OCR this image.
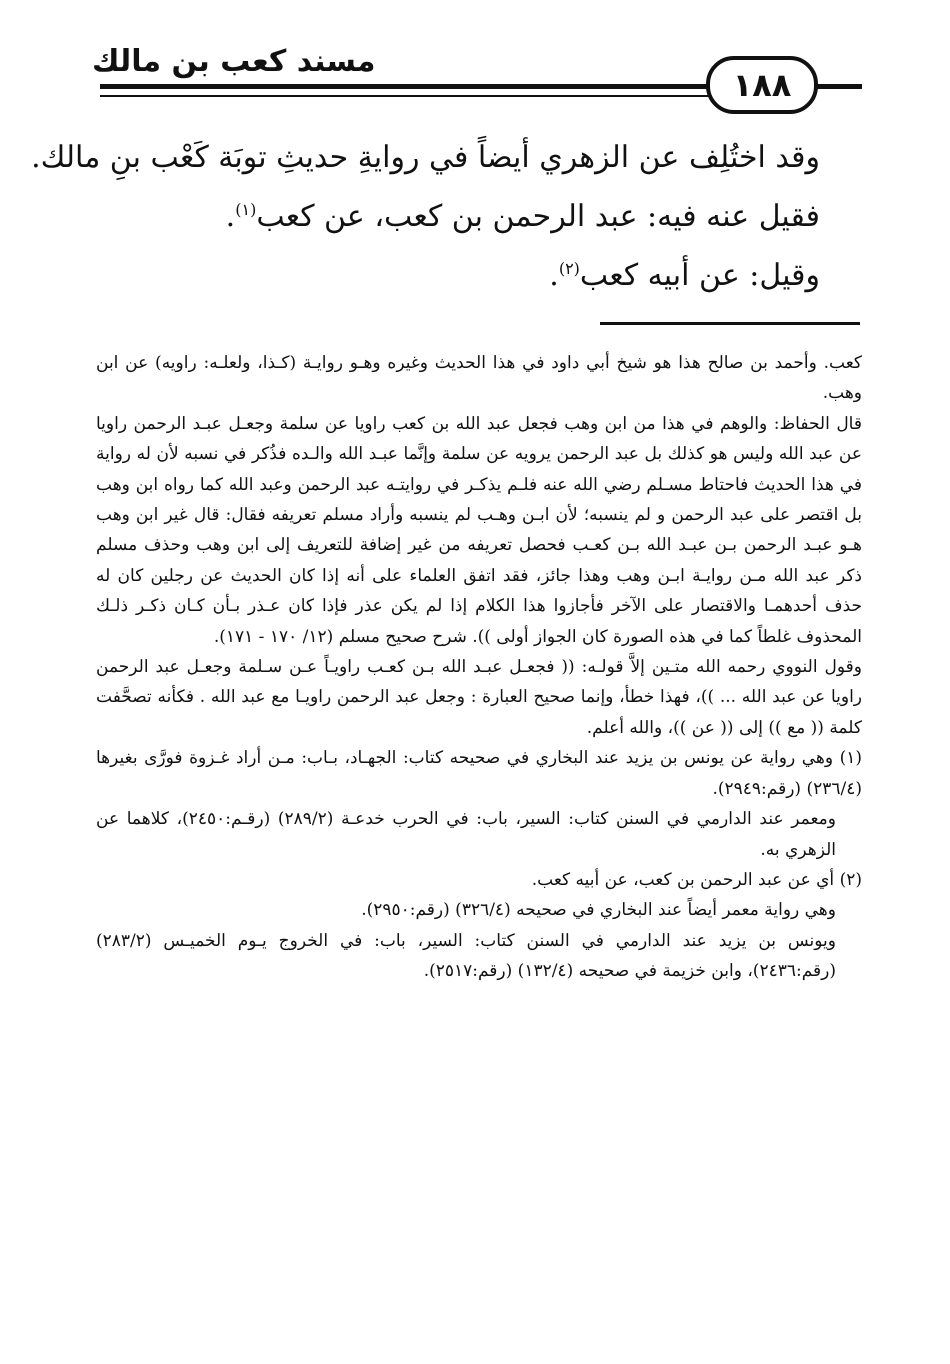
مسند كعب بن مالك
١٨٨

وقد اختُلِف عن الزهري أيضاً في روايةِ حديثِ توبَة كَعْب بنِ مالك.

فقيل عنه فيه: عبد الرحمن بن كعب، عن كعب$^{(١)}$.

وقيل: عن أبيه كعب$^{(٢)}$.

كعب. وأحمد بن صالح هذا هو شيخ أبي داود في هذا الحديث وغيره وهـو روايـة (كـذا، ولعلـه: راويه) عن ابن وهب.

قال الحفاظ: والوهم في هذا من ابن وهب فجعل عبد الله بن كعب راويا عن سلمة وجعـل عبـد الرحمن راويا عن عبد الله وليس هو كذلك بل عبد الرحمن يرويه عن سلمة وإنَّما عبـد الله والـده فذُكر في نسبه لأن له رواية في هذا الحديث فاحتاط مسـلم رضي الله عنه فلـم يذكـر في روايتـه عبد الرحمن وعبد الله كما رواه ابن وهب بل اقتصر على عبد الرحمن و لم ينسبه؛ لأن ابـن وهـب لم ينسبه وأراد مسلم تعريفه فقال: قال غير ابن وهب هـو عبـد الرحمن بـن عبـد الله بـن كعـب فحصل تعريفه من غير إضافة للتعريف إلى ابن وهب وحذف مسلم ذكر عبد الله مـن روايـة ابـن وهب وهذا جائز، فقد اتفق العلماء على أنه إذا كان الحديث عن رجلين كان له حذف أحدهمـا والاقتصار على الآخر فأجازوا هذا الكلام إذا لم يكن عذر فإذا كان عـذر بـأن كـان ذكـر ذلـك المحذوف غلطاً كما في هذه الصورة كان الجواز أولى )). شرح صحيح مسلم (١٢/ ١٧٠ - ١٧١).

وقول النووي رحمه الله متـين إلاَّ قولـه: (( فجعـل عبـد الله بـن كعـب راويـاً عـن سـلمة وجعـل عبد الرحمن راويا عن عبد الله ... ))، فهذا خطأ، وإنما صحيح العبارة : وجعل عبد الرحمن راويـا مع عبد الله . فكأنه تصحَّفت كلمة (( مع )) إلى (( عن ))، والله أعلم.

(١) وهي رواية عن يونس بن يزيد عند البخاري في صحيحه كتاب: الجهـاد، بـاب: مـن أراد غـزوة فورَّى بغيرها (٢٣٦/٤) (رقم:٢٩٤٩).

ومعمر عند الدارمي في السنن كتاب: السير، باب: في الحرب خدعـة (٢٨٩/٢) (رقـم:٢٤٥٠)، كلاهما عن الزهري به.

(٢) أي عن عبد الرحمن بن كعب، عن أبيه كعب.

وهي رواية معمر أيضاً عند البخاري في صحيحه (٣٢٦/٤) (رقم:٢٩٥٠).

ويونس بن يزيد عند الدارمي في السنن كتاب: السير، باب: في الخروج يـوم الخميـس (٢٨٣/٢) (رقم:٢٤٣٦)، وابن خزيمة في صحيحه (١٣٢/٤) (رقم:٢٥١٧).
